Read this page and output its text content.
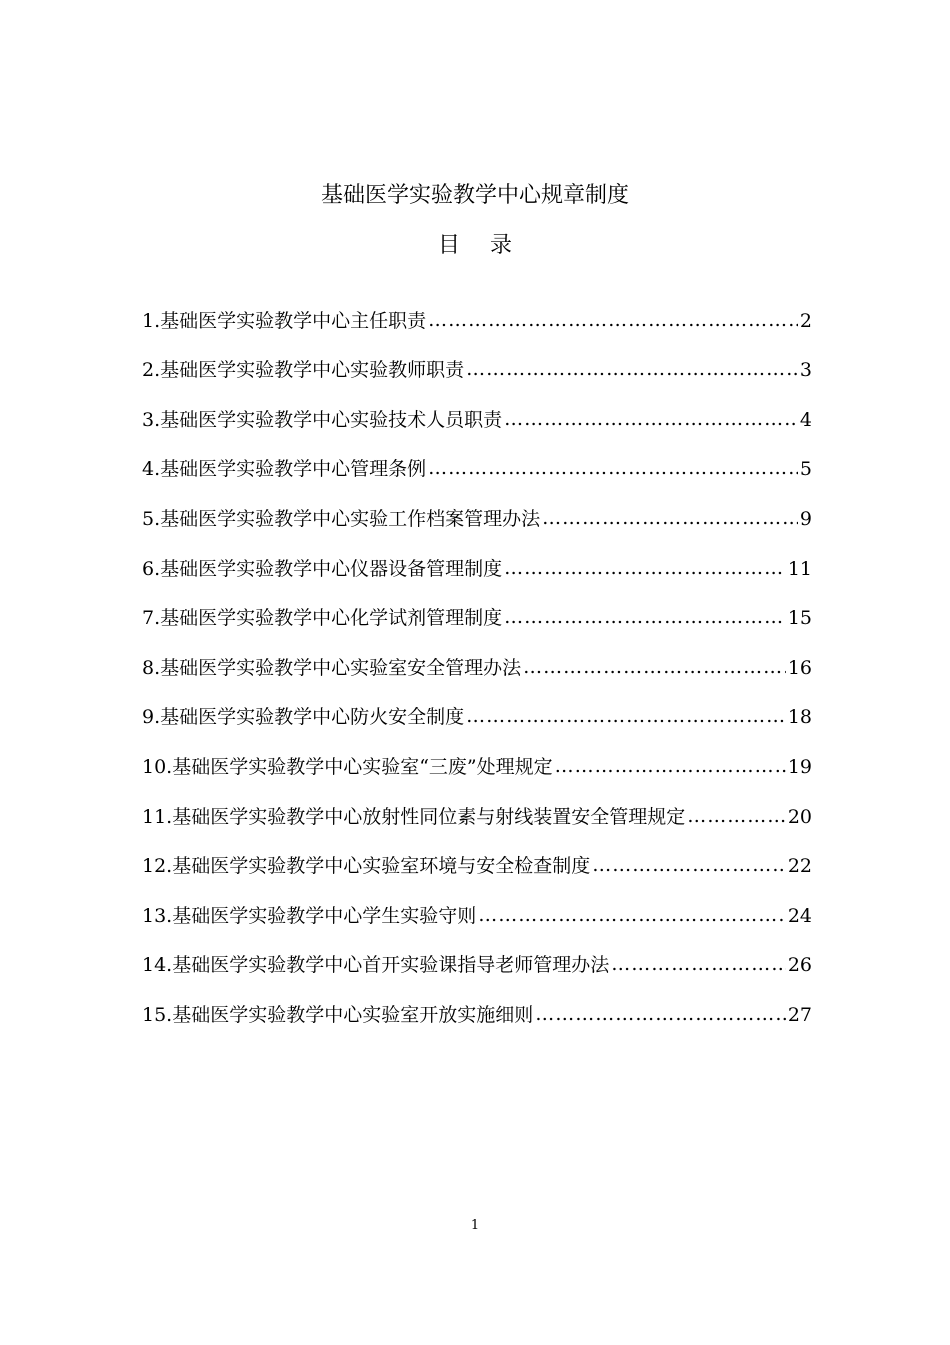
基础医学实验教学中心规章制度
目录
1.基础医学实验教学中心主任职责 …………………………………………………………………………………………………………………………	2
2.基础医学实验教学中心实验教师职责 …………………………………………………………………………………………………………………………	3
3.基础医学实验教学中心实验技术人员职责 …………………………………………………………………………………………………………………………	4
4.基础医学实验教学中心管理条例 …………………………………………………………………………………………………………………………	5
5.基础医学实验教学中心实验工作档案管理办法 …………………………………………………………………………………………………………………………	9
6.基础医学实验教学中心仪器设备管理制度 …………………………………………………………………………………………………………………………	11
7.基础医学实验教学中心化学试剂管理制度 …………………………………………………………………………………………………………………………	15
8.基础医学实验教学中心实验室安全管理办法 …………………………………………………………………………………………………………………………	16
9.基础医学实验教学中心防火安全制度 …………………………………………………………………………………………………………………………	18
10.基础医学实验教学中心实验室“三废”处理规定 …………………………………………………………………………………………………………………………	19
11.基础医学实验教学中心放射性同位素与射线装置安全管理规定 …………………………………………………………………………………………………………………………	20
12.基础医学实验教学中心实验室环境与安全检查制度 …………………………………………………………………………………………………………………………	22
13.基础医学实验教学中心学生实验守则 …………………………………………………………………………………………………………………………	24
14.基础医学实验教学中心首开实验课指导老师管理办法 …………………………………………………………………………………………………………………………	26
15.基础医学实验教学中心实验室开放实施细则 …………………………………………………………………………………………………………………………	27
1
